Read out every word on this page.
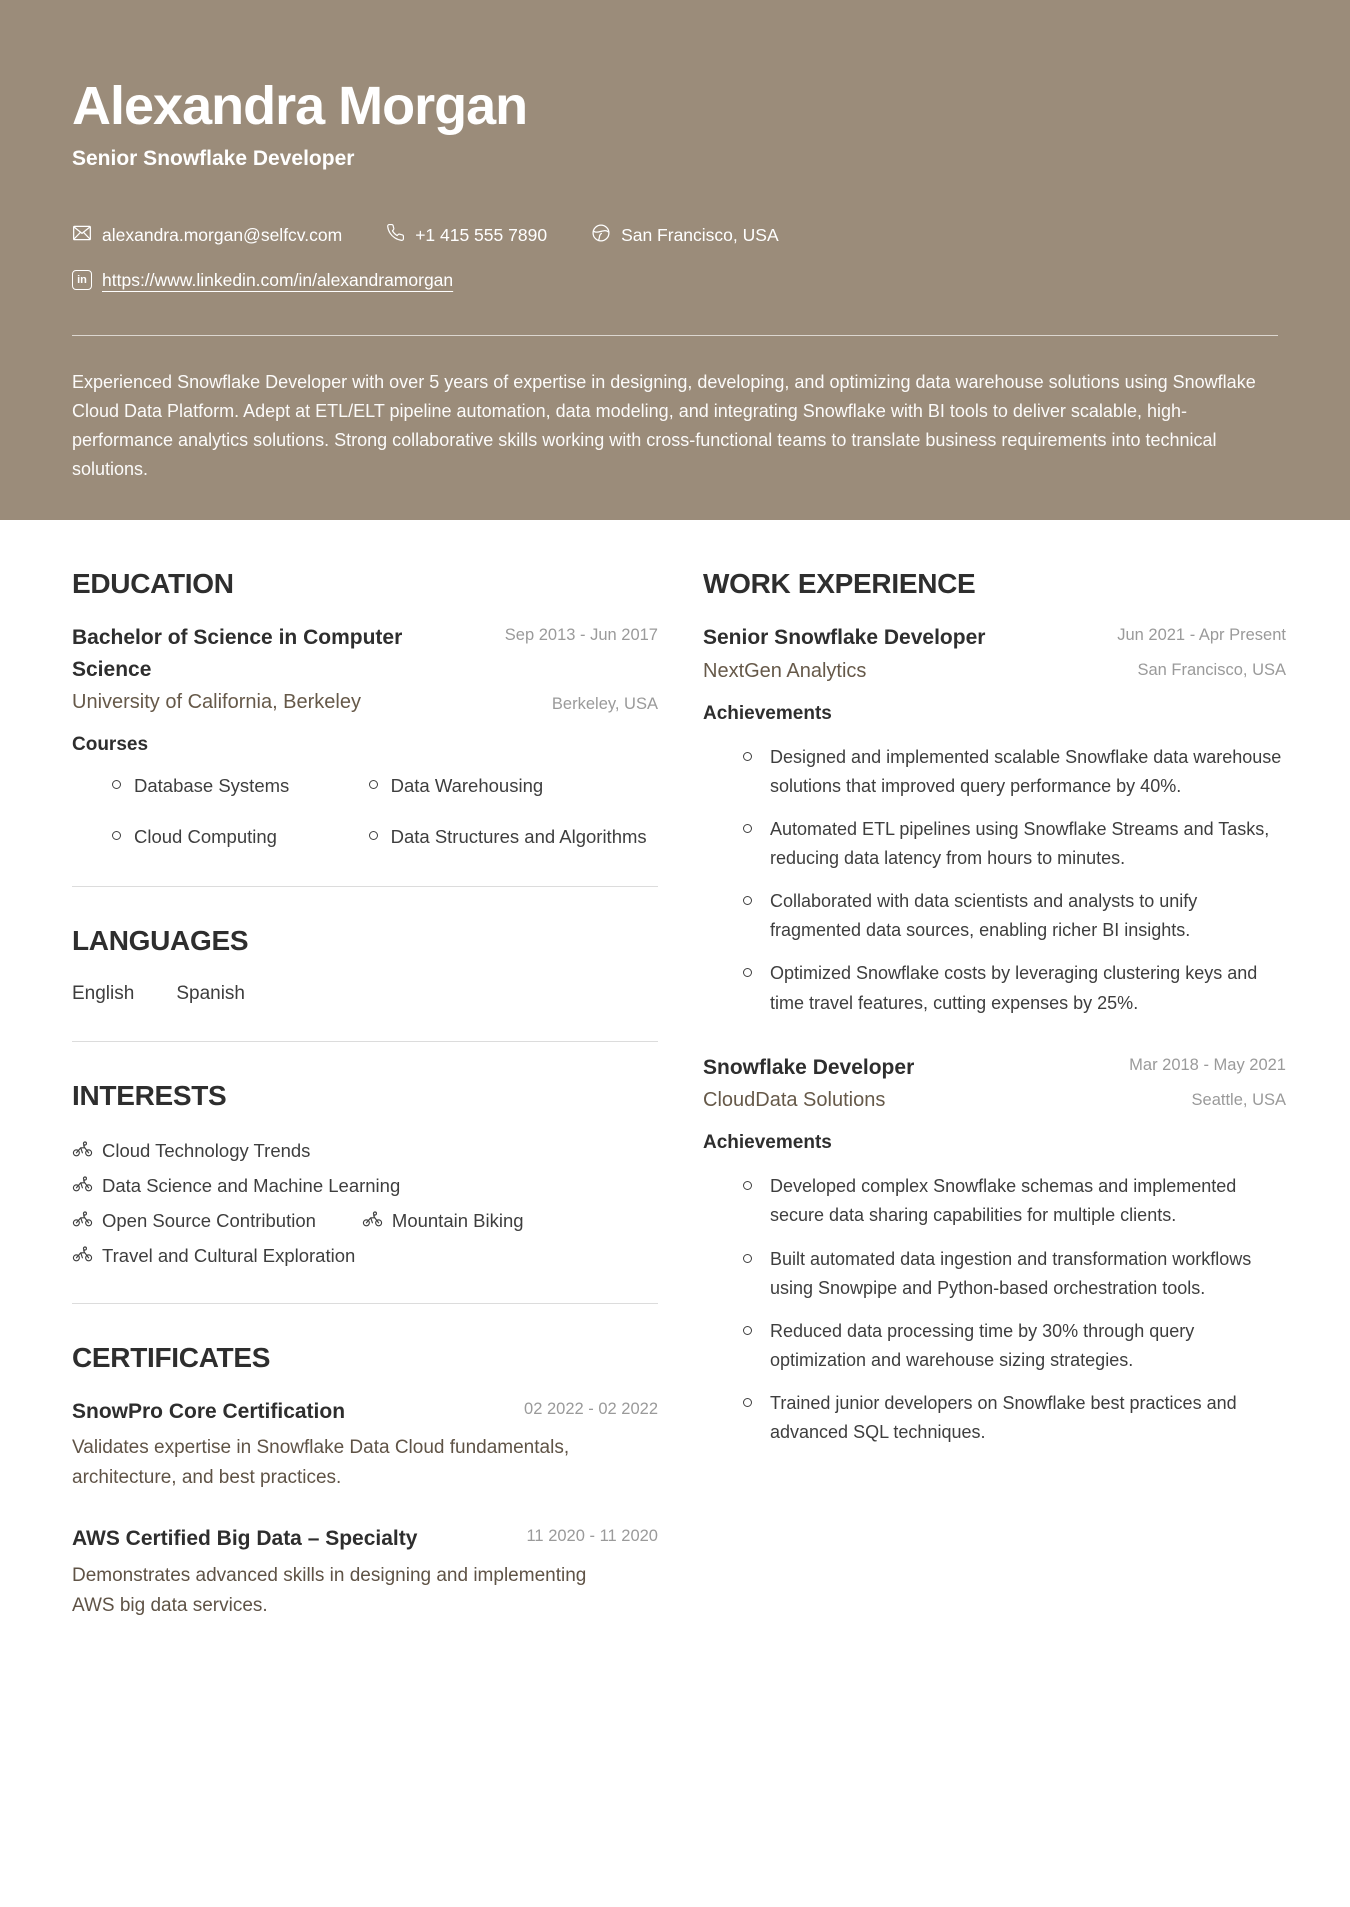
Alexandra Morgan
Senior Snowflake Developer
alexandra.morgan@selfcv.com	+1 415 555 7890	San Francisco, USA
in https://www.linkedin.com/in/alexandramorgan

Experienced Snowflake Developer with over 5 years of expertise in designing, developing, and optimizing data warehouse solutions using Snowflake Cloud Data Platform. Adept at ETL/ELT pipeline automation, data modeling, and integrating Snowflake with BI tools to deliver scalable, high-performance analytics solutions. Strong collaborative skills working with cross-functional teams to translate business requirements into technical solutions.

EDUCATION
Bachelor of Science in Computer Science
Sep 2013 - Jun 2017
University of California, Berkeley	Berkeley, USA
Courses
Database Systems	Data Warehousing
Cloud Computing	Data Structures and Algorithms
LANGUAGES
English Spanish
INTERESTS
Cloud Technology Trends
Data Science and Machine Learning
Open Source Contribution	Mountain Biking
Travel and Cultural Exploration
CERTIFICATES
SnowPro Core Certification	02 2022 - 02 2022

Validates expertise in Snowflake Data Cloud fundamentals, architecture, and best practices.

AWS Certified Big Data – Specialty	11 2020 - 11 2020

Demonstrates advanced skills in designing and implementing AWS big data services.

WORK EXPERIENCE
Senior Snowflake Developer
NextGen Analytics
Jun 2021 - Apr Present
San Francisco, USA
Achievements
Designed and implemented scalable Snowflake data warehouse solutions that improved query performance by 40%.
Automated ETL pipelines using Snowflake Streams and Tasks, reducing data latency from hours to minutes.
Collaborated with data scientists and analysts to unify fragmented data sources, enabling richer BI insights.
Optimized Snowflake costs by leveraging clustering keys and time travel features, cutting expenses by 25%.
Snowflake Developer
CloudData Solutions
Mar 2018 - May 2021
Seattle, USA
Achievements
Developed complex Snowflake schemas and implemented secure data sharing capabilities for multiple clients.
Built automated data ingestion and transformation workflows using Snowpipe and Python-based orchestration tools.
Reduced data processing time by 30% through query optimization and warehouse sizing strategies.
Trained junior developers on Snowflake best practices and advanced SQL techniques.
